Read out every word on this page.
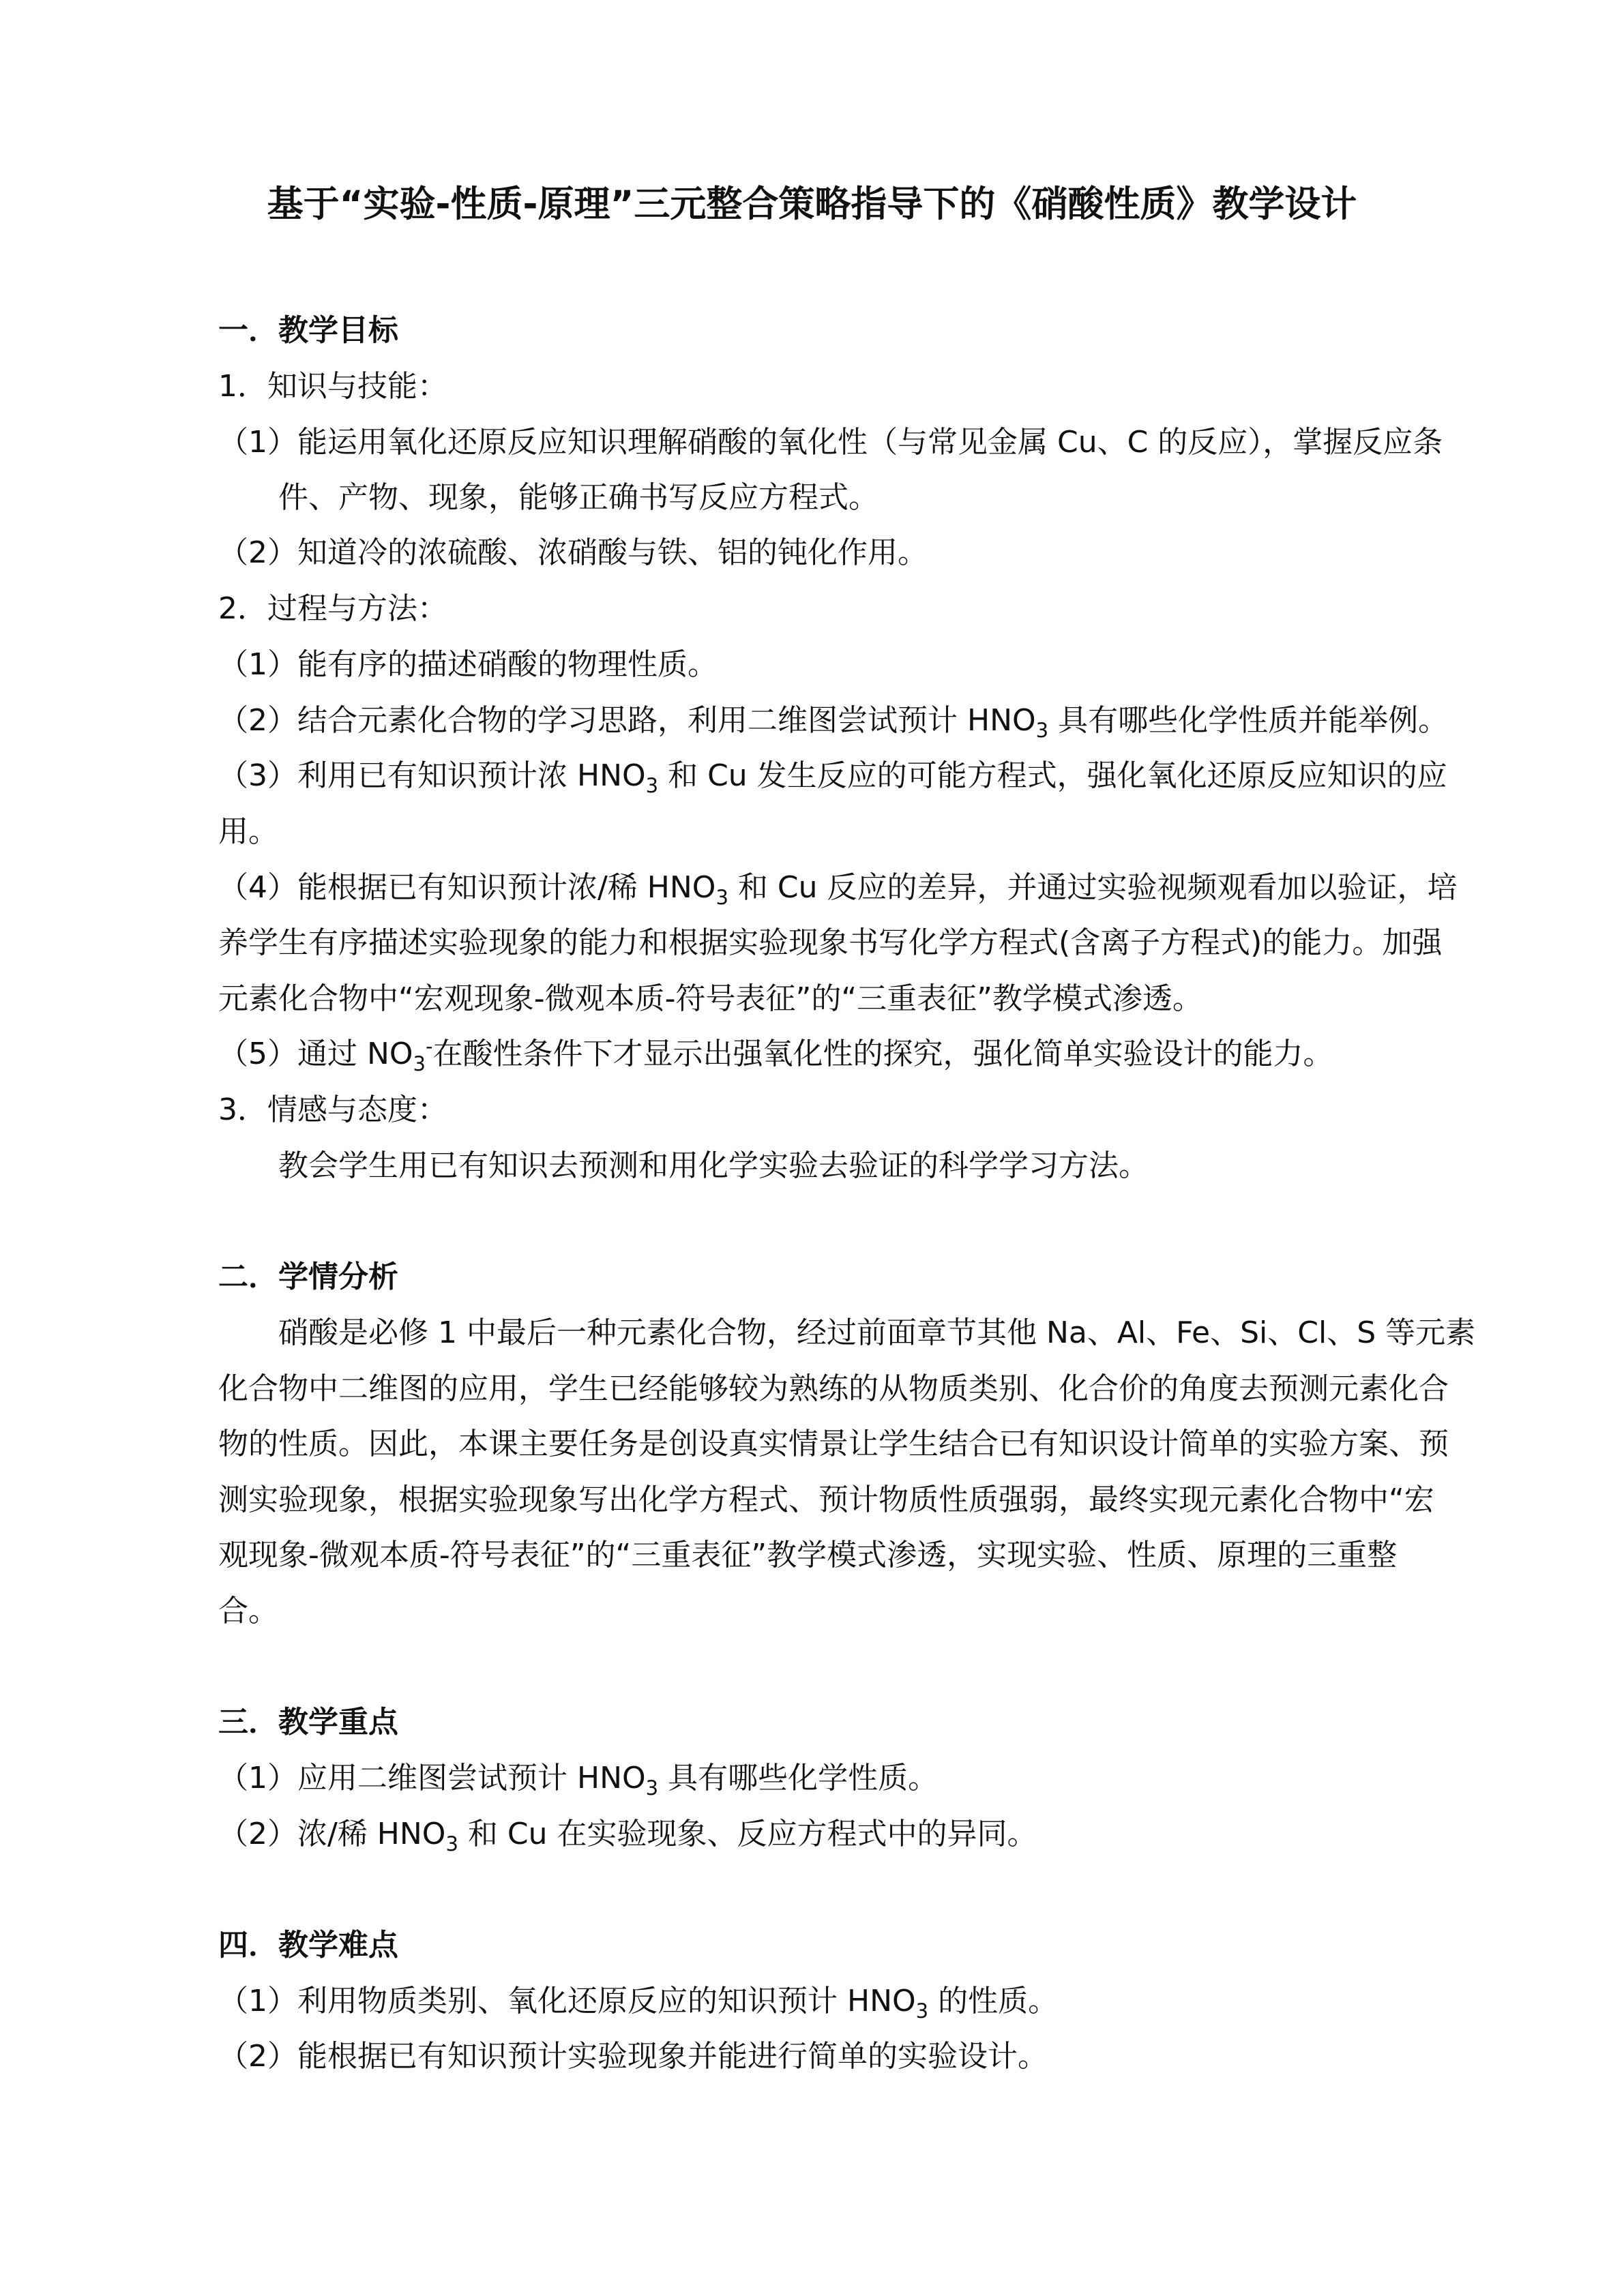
基于“实验-性质-原理”三元整合策略指导下的《硝酸性质》教学设计
一．教学目标

1．知识与技能：

（1）能运用氧化还原反应知识理解硝酸的氧化性（与常见金属 Cu、C 的反应），掌握反应条

件、产物、现象，能够正确书写反应方程式。

（2）知道冷的浓硫酸、浓硝酸与铁、铝的钝化作用。

2．过程与方法：

（1）能有序的描述硝酸的物理性质。

（2）结合元素化合物的学习思路，利用二维图尝试预计 $HNO_3$ 具有哪些化学性质并能举例。

（3）利用已有知识预计浓 $HNO_3$ 和 Cu 发生反应的可能方程式，强化氧化还原反应知识的应

用。

（4）能根据已有知识预计浓/稀 $HNO_3$ 和 Cu 反应的差异，并通过实验视频观看加以验证，培

养学生有序描述实验现象的能力和根据实验现象书写化学方程式(含离子方程式)的能力。加强

元素化合物中“宏观现象-微观本质-符号表征”的“三重表征”教学模式渗透。

（5）通过 $NO_3^-$在酸性条件下才显示出强氧化性的探究，强化简单实验设计的能力。

3．情感与态度：

教会学生用已有知识去预测和用化学实验去验证的科学学习方法。

二．学情分析

硝酸是必修 1 中最后一种元素化合物，经过前面章节其他 Na、Al、Fe、Si、Cl、S 等元素

化合物中二维图的应用，学生已经能够较为熟练的从物质类别、化合价的角度去预测元素化合

物的性质。因此，本课主要任务是创设真实情景让学生结合已有知识设计简单的实验方案、预

测实验现象，根据实验现象写出化学方程式、预计物质性质强弱，最终实现元素化合物中“宏

观现象-微观本质-符号表征”的“三重表征”教学模式渗透，实现实验、性质、原理的三重整

合。

三．教学重点

（1）应用二维图尝试预计 $HNO_3$ 具有哪些化学性质。

（2）浓/稀 $HNO_3$ 和 Cu 在实验现象、反应方程式中的异同。

四．教学难点

（1）利用物质类别、氧化还原反应的知识预计 $HNO_3$ 的性质。

（2）能根据已有知识预计实验现象并能进行简单的实验设计。
